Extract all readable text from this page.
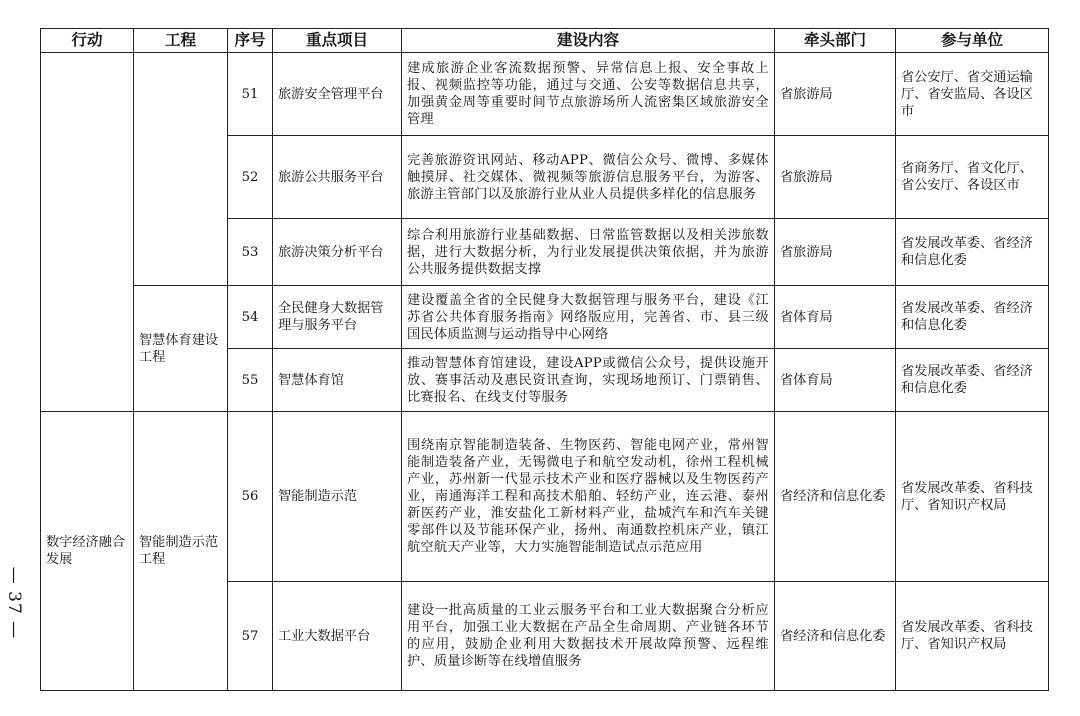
— 37 —
行动	工程	序号	重点项目	建设内容	牵头部门	参与单位
		51	旅游安全管理平台	建成旅游企业客流数据预警、异常信息上报、安全事故上报、视频监控等功能，通过与交通、公安等数据信息共享，加强黄金周等重要时间节点旅游场所人流密集区域旅游安全管理	省旅游局	省公安厅、省交通运输厅、省安监局、各设区市
		52	旅游公共服务平台	完善旅游资讯网站、移动APP、微信公众号、微博、多媒体触摸屏、社交媒体、微视频等旅游信息服务平台，为游客、旅游主管部门以及旅游行业从业人员提供多样化的信息服务	省旅游局	省商务厅、省文化厅、省公安厅、各设区市
		53	旅游决策分析平台	综合利用旅游行业基础数据、日常监管数据以及相关涉旅数据，进行大数据分析，为行业发展提供决策依据，并为旅游公共服务提供数据支撑	省旅游局	省发展改革委、省经济和信息化委
	智慧体育建设工程	54	全民健身大数据管理与服务平台	建设覆盖全省的全民健身大数据管理与服务平台，建设《江苏省公共体育服务指南》网络版应用，完善省、市、县三级国民体质监测与运动指导中心网络	省体育局	省发展改革委、省经济和信息化委
		55	智慧体育馆	推动智慧体育馆建设，建设APP或微信公众号，提供设施开放、赛事活动及惠民资讯查询，实现场地预订、门票销售、比赛报名、在线支付等服务	省体育局	省发展改革委、省经济和信息化委
数字经济融合发展	智能制造示范工程	56	智能制造示范	围绕南京智能制造装备、生物医药、智能电网产业，常州智能制造装备产业，无锡微电子和航空发动机，徐州工程机械产业，苏州新一代显示技术产业和医疗器械以及生物医药产业，南通海洋工程和高技术船舶、轻纺产业，连云港、泰州新医药产业，淮安盐化工新材料产业，盐城汽车和汽车关键零部件以及节能环保产业，扬州、南通数控机床产业，镇江航空航天产业等，大力实施智能制造试点示范应用	省经济和信息化委	省发展改革委、省科技厅、省知识产权局
		57	工业大数据平台	建设一批高质量的工业云服务平台和工业大数据聚合分析应用平台，加强工业大数据在产品全生命周期、产业链各环节的应用，鼓励企业利用大数据技术开展故障预警、远程维护、质量诊断等在线增值服务	省经济和信息化委	省发展改革委、省科技厅、省知识产权局
